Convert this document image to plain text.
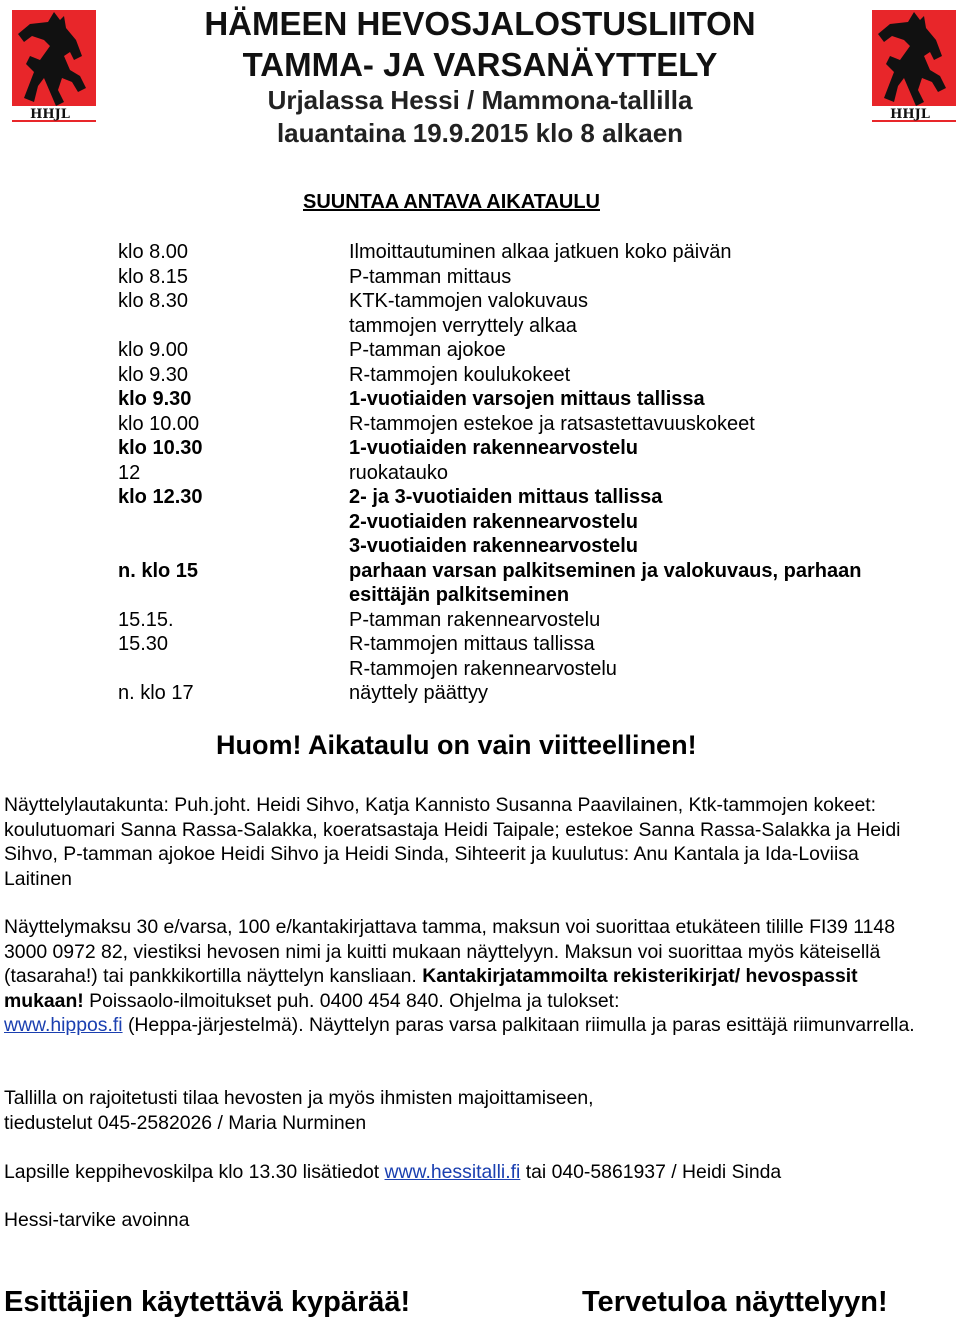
HHJL	HHJL
HÄMEEN HEVOSJALOSTUSLIITON
TAMMA- JA VARSANÄYTTELY
Urjalassa Hessi / Mammona-tallilla
lauantaina 19.9.2015 klo 8 alkaen
SUUNTAA ANTAVA AIKATAULU
klo 8.00	Ilmoittautuminen alkaa jatkuen koko päivän
klo 8.15	P-tamman mittaus
klo 8.30	KTK-tammojen valokuvaus
tammojen verryttely alkaa
klo 9.00	P-tamman ajokoe
klo 9.30	R-tammojen koulukokeet
klo 9.30	1-vuotiaiden varsojen mittaus tallissa
klo 10.00	R-tammojen estekoe ja ratsastettavuuskokeet
klo 10.30	1-vuotiaiden rakennearvostelu
12	ruokatauko
klo 12.30	2- ja 3-vuotiaiden mittaus tallissa
2-vuotiaiden rakennearvostelu
3-vuotiaiden rakennearvostelu
n. klo 15	parhaan varsan palkitseminen ja valokuvaus, parhaan esittäjän palkitseminen
15.15.	P-tamman rakennearvostelu
15.30	R-tammojen mittaus tallissa
R-tammojen rakennearvostelu
n. klo 17	näyttely päättyy
Huom! Aikataulu on vain viitteellinen!
Näyttelylautakunta: Puh.joht. Heidi Sihvo, Katja Kannisto Susanna Paavilainen, Ktk-tammojen kokeet: koulutuomari Sanna Rassa-Salakka, koeratsastaja Heidi Taipale; estekoe Sanna Rassa-Salakka ja Heidi Sihvo, P-tamman ajokoe Heidi Sihvo ja Heidi Sinda, Sihteerit ja kuulutus: Anu Kantala ja Ida-Loviisa Laitinen
Näyttelymaksu 30 e/varsa, 100 e/kantakirjattava tamma, maksun voi suorittaa etukäteen tilille FI39 1148 3000 0972 82, viestiksi hevosen nimi ja kuitti mukaan näyttelyyn. Maksun voi suorittaa myös käteisellä (tasaraha!) tai pankkikortilla näyttelyn kansliaan. Kantakirjatammoilta rekisterikirjat/ hevospassit mukaan! Poissaolo-ilmoitukset puh. 0400 454 840. Ohjelma ja tulokset:
www.hippos.fi (Heppa-järjestelmä). Näyttelyn paras varsa palkitaan riimulla ja paras esittäjä riimunvarrella.
Tallilla on rajoitetusti tilaa hevosten ja myös ihmisten majoittamiseen,
tiedustelut 045-2582026 / Maria Nurminen
Lapsille keppihevoskilpa klo 13.30 lisätiedot www.hessitalli.fi tai 040-5861937 / Heidi Sinda
Hessi-tarvike avoinna
Esittäjien käytettävä kypärää!	Tervetuloa näyttelyyn!
